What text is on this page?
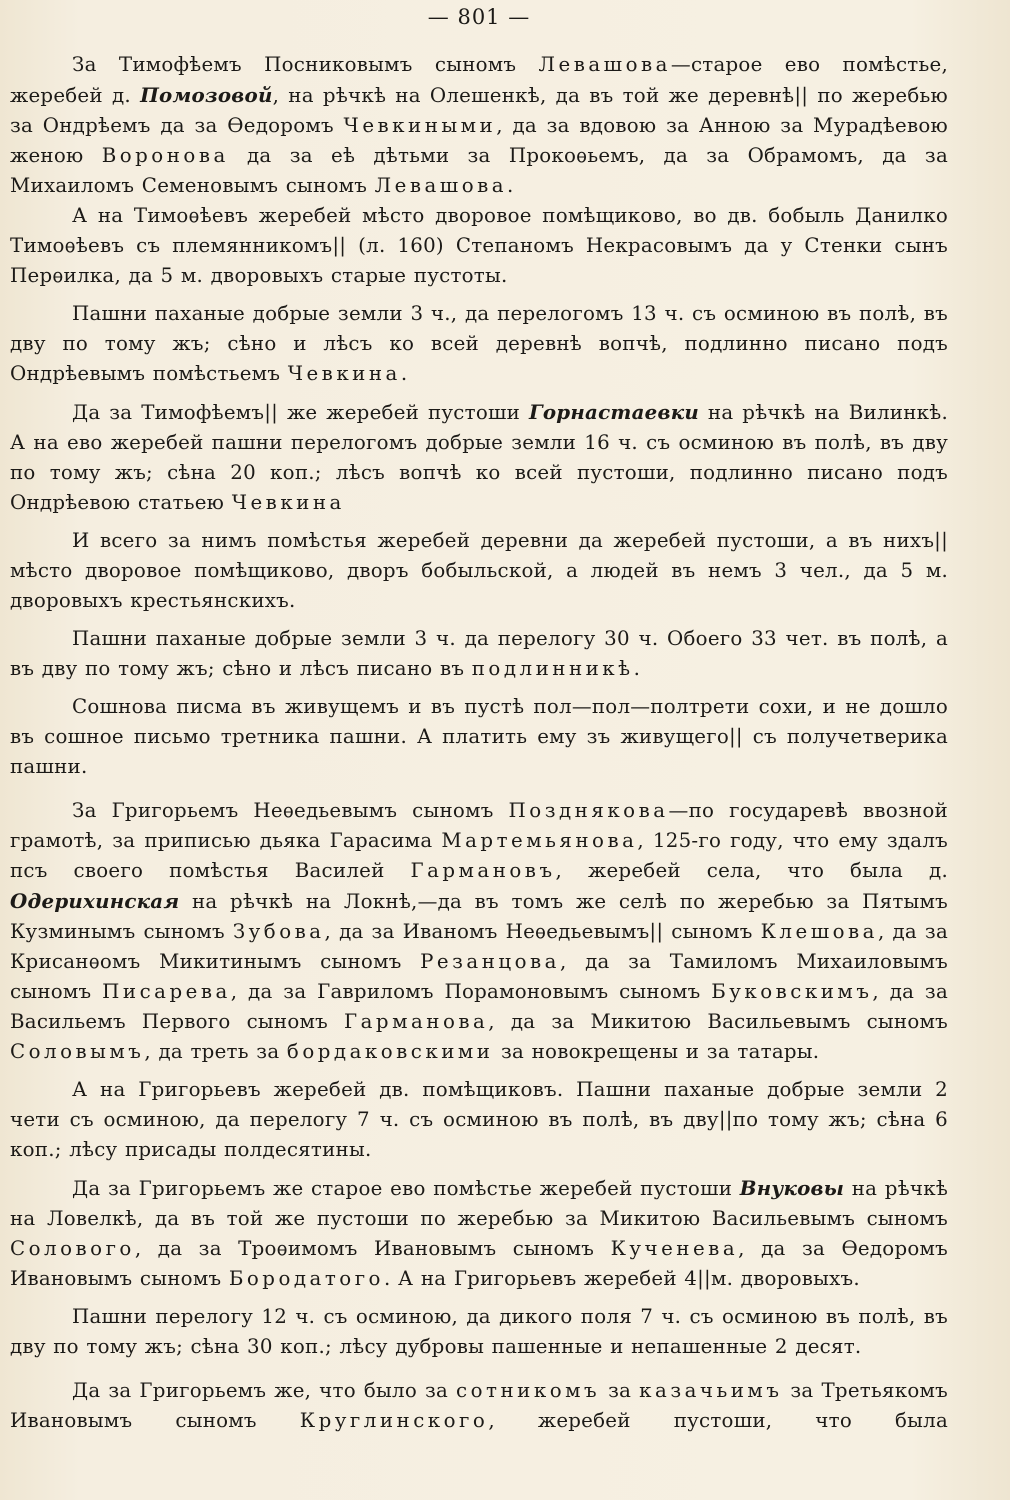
— 801 —

За Тимофѣемъ Посниковымъ сыномъ Левашова—старое ево помѣстье, жеребей д. Помозовой, на рѣчкѣ на Олешенкѣ, да въ той же деревнѣ|| по жеребью за Ондрѣемъ да за Ѳедоромъ Чевкиными, да за вдовою за Анною за Мурадѣевою женою Воронова да за еѣ дѣтьми за Прокоѳьемъ, да за Обрамомъ, да за Михаиломъ Семеновымъ сыномъ Левашова.

А на Тимоѳѣевъ жеребей мѣсто дворовое помѣщиково, во дв. бобыль Данилко Тимоѳѣевъ съ племянникомъ|| (л. 160) Степаномъ Некрасовымъ да у Стенки сынъ Перѳилка, да 5 м. дворовыхъ старые пустоты.

Пашни паханые добрые земли 3 ч., да перелогомъ 13 ч. съ осминою въ полѣ, въ дву по тому жъ; сѣно и лѣсъ ко всей деревнѣ вопчѣ, подлинно писано подъ Ондрѣевымъ помѣстьемъ Чевкина.

Да за Тимофѣемъ|| же жеребей пустоши Горнастаевки на рѣчкѣ на Вилинкѣ. А на ево жеребей пашни перелогомъ добрые земли 16 ч. съ осминою въ полѣ, въ дву по тому жъ; сѣна 20 коп.; лѣсъ вопчѣ ко всей пустоши, подлинно писано подъ Ондрѣевою статьею Чевкина

И всего за нимъ помѣстья жеребей деревни да жеребей пустоши, а въ нихъ|| мѣсто дворовое помѣщиково, дворъ бобыльской, а людей въ немъ 3 чел., да 5 м. дворовыхъ крестьянскихъ.

Пашни паханые добрые земли 3 ч. да перелогу 30 ч. Обоего 33 чет. въ полѣ, а въ дву по тому жъ; сѣно и лѣсъ писано въ подлинникѣ.

Сошнова писма въ живущемъ и въ пустѣ пол—пол—полтрети сохи, и не дошло въ сошное письмо третника пашни. А платить ему зъ живущего|| съ получетверика пашни.

За Григорьемъ Неѳедьевымъ сыномъ Позднякова—по государевѣ ввозной грамотѣ, за приписью дьяка Гарасима Мартемьянова, 125-го году, что ему здалъ псъ своего помѣстья Василей Гармановъ, жеребей села, что была д. Одерихинская на рѣчкѣ на Локнѣ,—да въ томъ же селѣ по жеребью за Пятымъ Кузминымъ сыномъ Зубова, да за Иваномъ Неѳедьевымъ|| сыномъ Клешова, да за Крисанѳомъ Микитинымъ сыномъ Резанцова, да за Тамиломъ Михаиловымъ сыномъ Писарева, да за Гавриломъ Порамоновымъ сыномъ Буковскимъ, да за Васильемъ Первого сыномъ Гарманова, да за Микитою Васильевымъ сыномъ Соловымъ, да треть за бордаковскими за новокрещены и за татары.

А на Григорьевъ жеребей дв. помѣщиковъ. Пашни паханые добрые земли 2 чети съ осминою, да перелогу 7 ч. съ осминою въ полѣ, въ дву||по тому жъ; сѣна 6 коп.; лѣсу присады полдесятины.

Да за Григорьемъ же старое ево помѣстье жеребей пустоши Внуковы на рѣчкѣ на Ловелкѣ, да въ той же пустоши по жеребью за Микитою Васильевымъ сыномъ Солового, да за Троѳимомъ Ивановымъ сыномъ Кученева, да за Ѳедоромъ Ивановымъ сыномъ Бородатого. А на Григорьевъ жеребей 4||м. дворовыхъ.

Пашни перелогу 12 ч. съ осминою, да дикого поля 7 ч. съ осминою въ полѣ, въ дву по тому жъ; сѣна 30 коп.; лѣсу дубровы пашенные и непашенные 2 десят.

Да за Григорьемъ же, что было за сотникомъ за казачьимъ за Третьякомъ Ивановымъ сыномъ Круглинского, жеребей пустоши, что была
